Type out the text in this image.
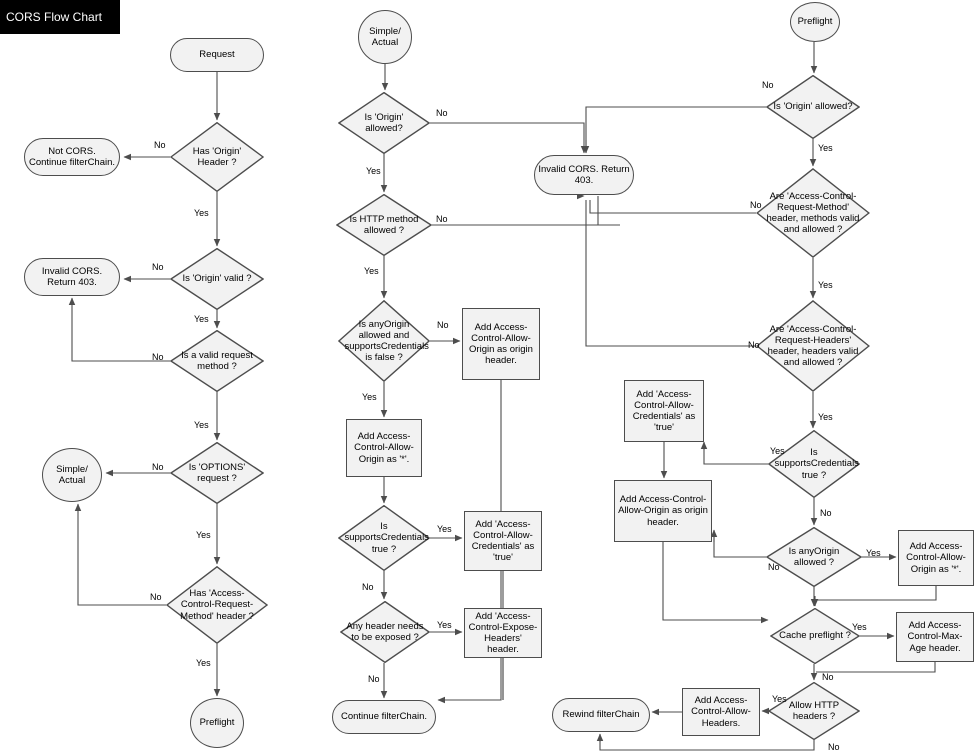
CORS Flow Chart
Request
Has 'Origin' Header ?
Not CORS. Continue filterChain.
Is 'Origin' valid ?
Invalid CORS. Return 403.
Is a valid request method ?
Is 'OPTIONS' request ?
Simple/ Actual
Has 'Access-Control-Request-Method' header ?
Preflight
Simple/ Actual
Is 'Origin' allowed?
Invalid CORS. Return 403.
Is HTTP method allowed ?
Is anyOrigin allowed and supportsCredentials is false ?
Add Access-Control-Allow-Origin as origin header.
Add Access-Control-Allow-Origin as '*'.
Is supportsCredentials true ?
Add 'Access-Control-Allow-Credentials' as 'true'
Any header needs to be exposed ?
Add 'Access-Control-Expose-Headers' header.
Continue filterChain.
Preflight
Is 'Origin' allowed?
Are 'Access-Control-Request-Method' header, methods valid and allowed ?
Are 'Access-Control-Request-Headers' header, headers valid and allowed ?
Is supportsCredentials true ?
Add 'Access-Control-Allow-Credentials' as 'true'
Add Access-Control-Allow-Origin as origin header.
Is anyOrigin allowed ?
Add Access-Control-Allow-Origin as '*'.
Cache preflight ?
Add Access-Control-Max-Age header.
Allow HTTP headers ?
Add Access-Control-Allow-Headers.
Rewind filterChain
No
Yes
No
Yes
No
Yes
No
Yes
No
Yes
No
Yes
No
Yes
No
Yes
Yes
No
Yes
No
No
Yes
No
Yes
No
Yes
Yes
No
No
Yes
Yes
No
Yes
No
